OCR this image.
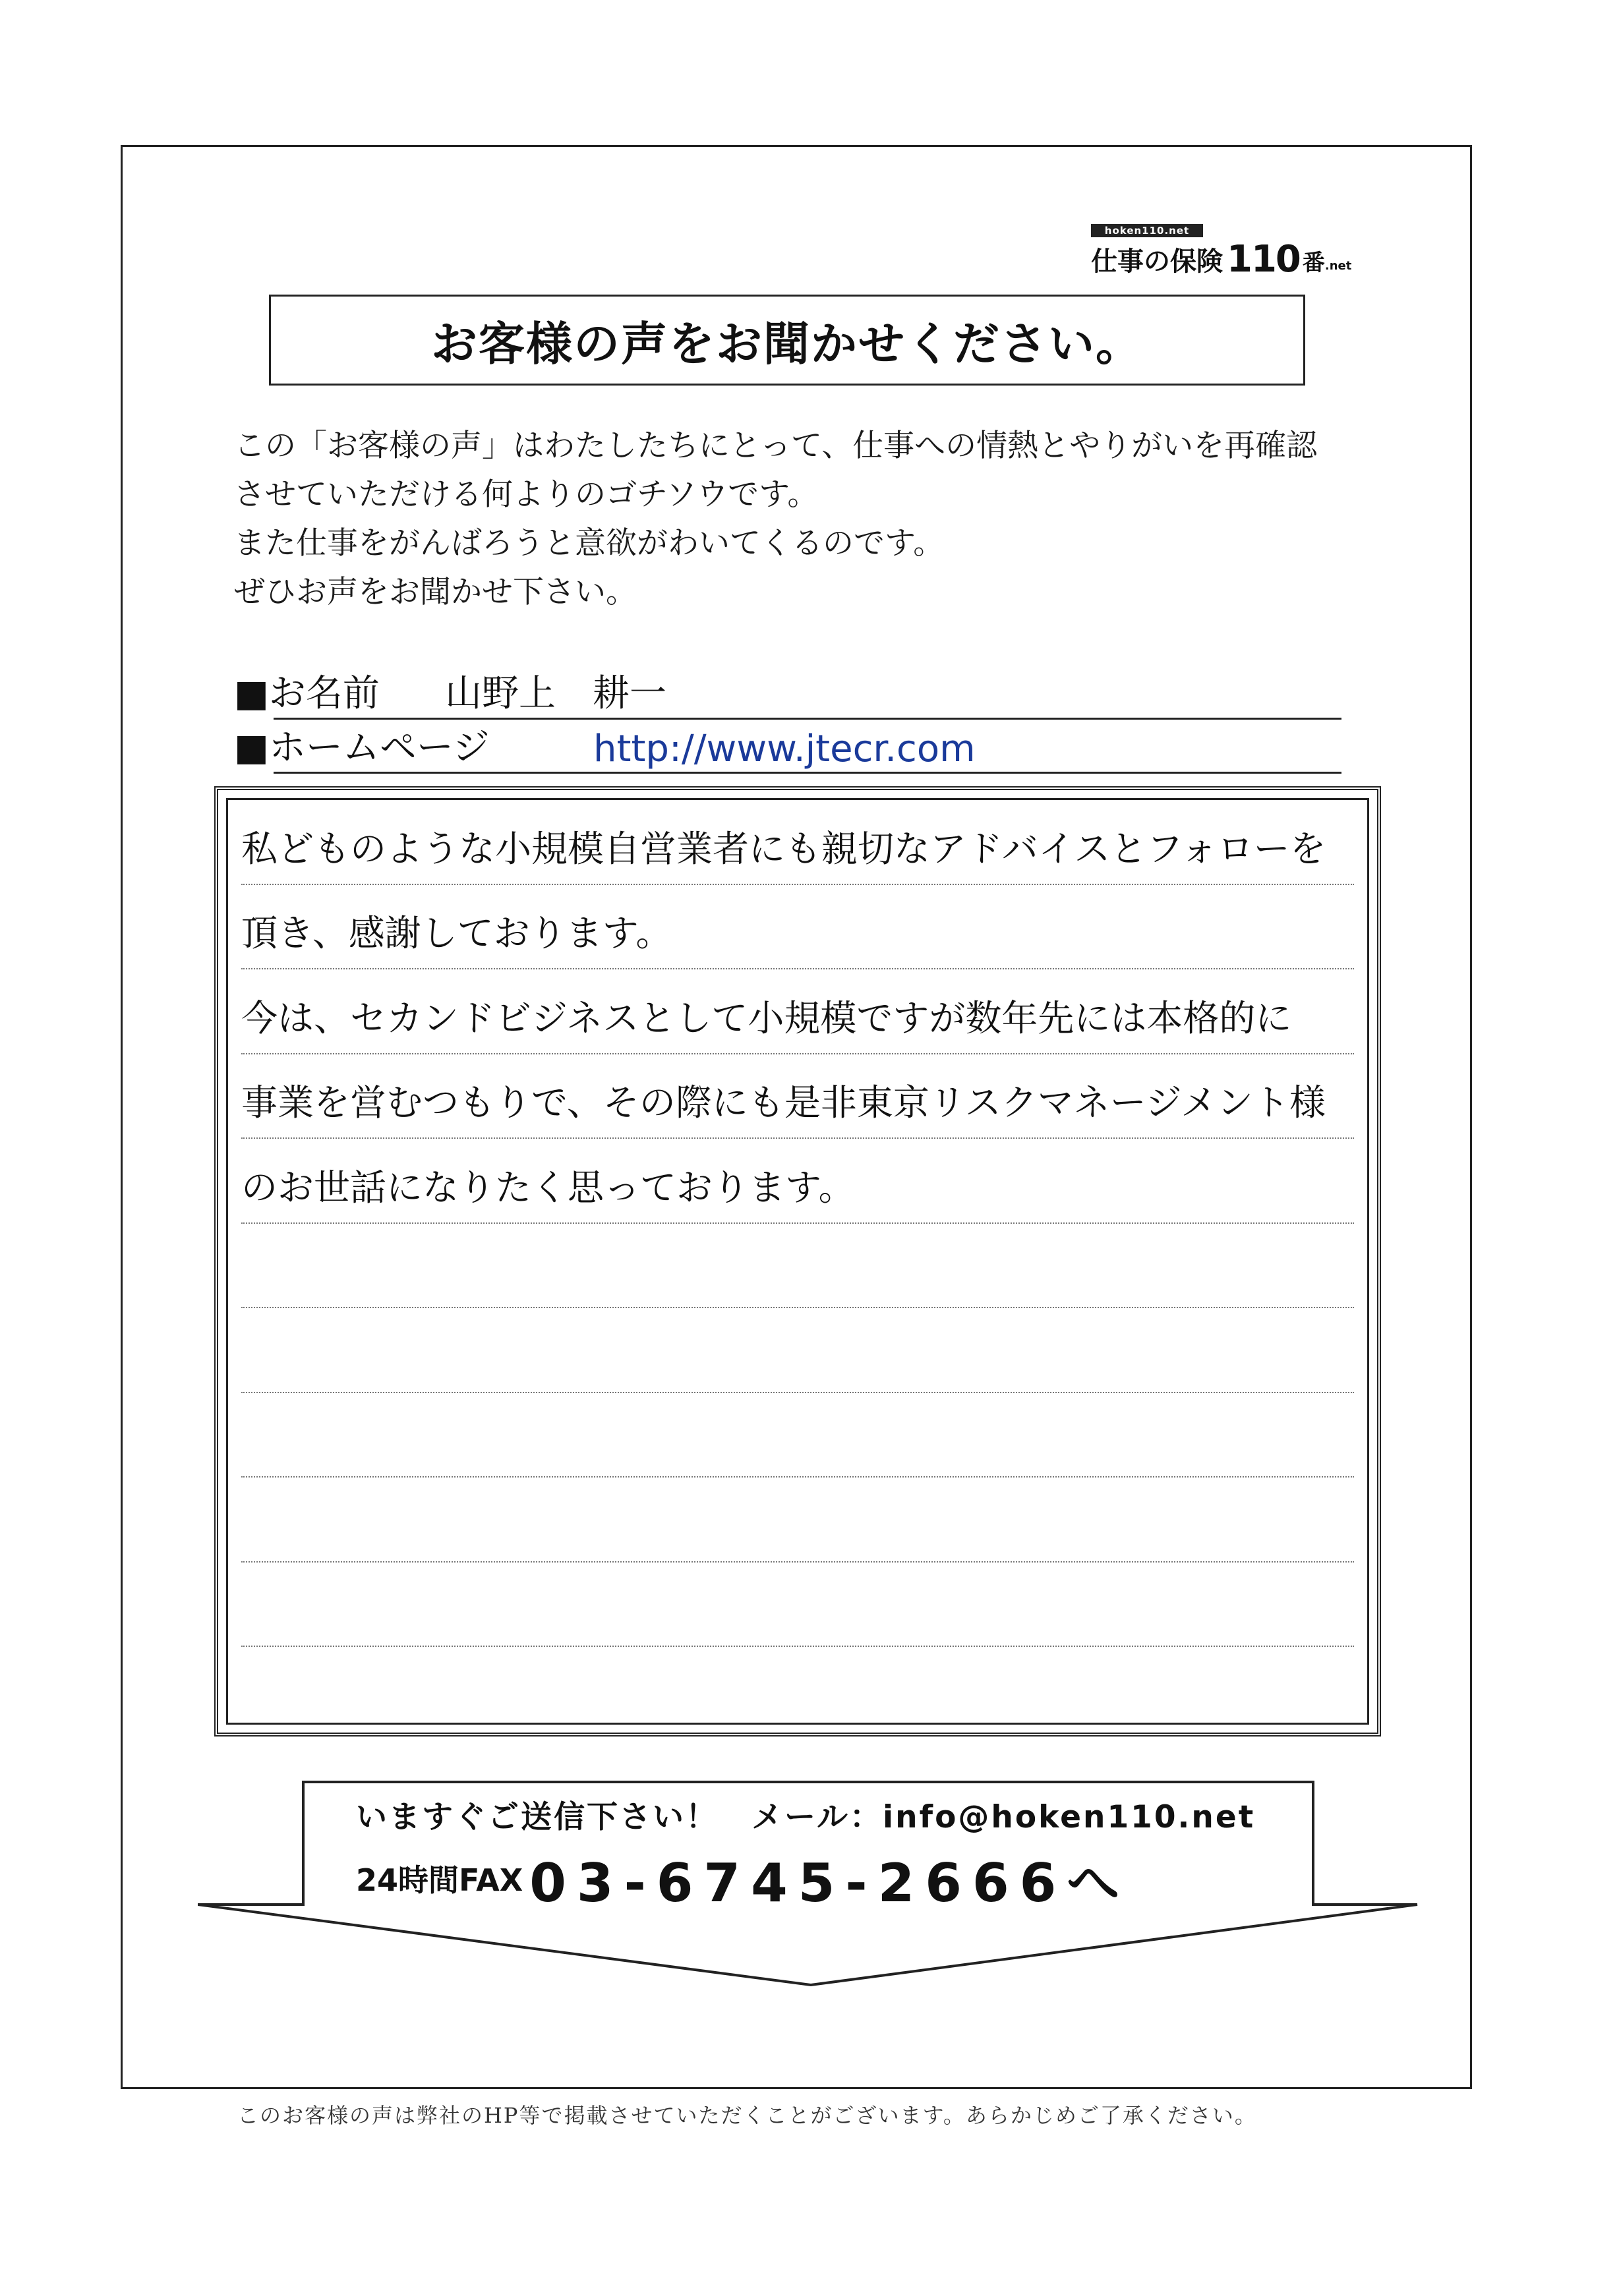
hoken110.net
仕事の保険 110 番 .net
お客様の声をお聞かせください。
この「お客様の声」はわたしたちにとって、仕事への情熱とやりがいを再確認
させていただける何よりのゴチソウです。
また仕事をがんばろうと意欲がわいてくるのです。
ぜひお声をお聞かせ下さい。
■お名前 山野上　耕一
■ホームページ	http://www.jtecr.com
私どものような小規模自営業者にも親切なアドバイスとフォローを
頂き、感謝しております。
今は、セカンドビジネスとして小規模ですが数年先には本格的に
事業を営むつもりで、その際にも是非東京リスクマネージメント様
のお世話になりたく思っております。
いますぐご送信下さい！　メール：info@hoken110.net
24時間FAX 03-6745-2666へ
このお客様の声は弊社のHP等で掲載させていただくことがございます。あらかじめご了承ください。
